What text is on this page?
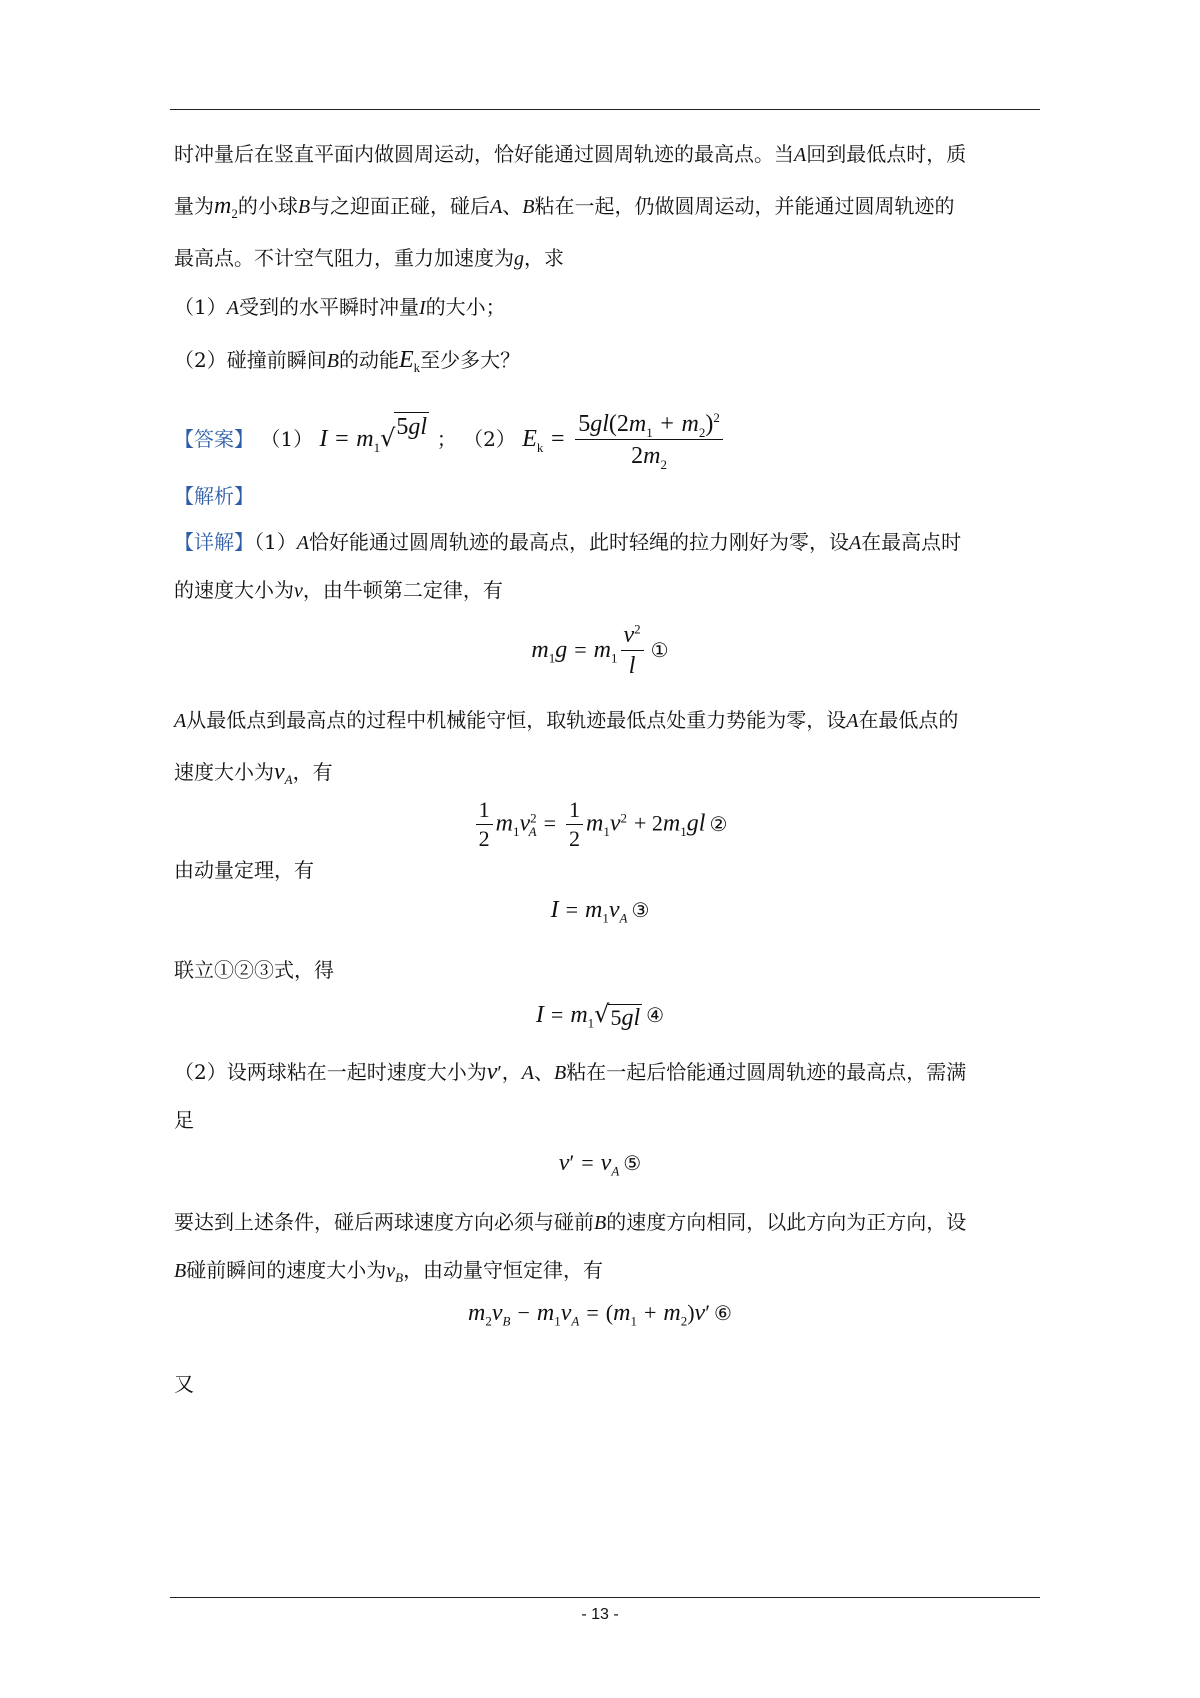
时冲量后在竖直平面内做圆周运动，恰好能通过圆周轨迹的最高点。当A回到最低点时，质
量为$m_2$的小球B与之迎面正碰，碰后A、B粘在一起，仍做圆周运动，并能通过圆周轨迹的
最高点。不计空气阻力，重力加速度为g，求
（1）A受到的水平瞬时冲量I的大小；
（2）碰撞前瞬间B的动能$E_k$至少多大？
【答案】 （1） $I = m_1$ √ 5gl ； （2） $E_k = \frac{5gl(2m_1 + m_2)^2}{2m_2}$
【解析】
【详解】（1）A恰好能通过圆周轨迹的最高点，此时轻绳的拉力刚好为零，设A在最高点时
的速度大小为v，由牛顿第二定律，有
$m_1g = m_1 \frac{v^2}{l}$ ①
A从最低点到最高点的过程中机械能守恒，取轨迹最低点处重力势能为零，设A在最低点的
速度大小为$v_A$，有
$\frac{1}{2} m_1v^2_A = \frac{1}{2} m_1v^2 + 2m_1gl$ ②
由动量定理，有
$I = m_1v_A$ ③
联立①②③式，得
$I = m_1$ √ 5gl ④
（2）设两球粘在一起时速度大小为v′，A、B粘在一起后恰能通过圆周轨迹的最高点，需满
足
$v' = v_A$ ⑤
要达到上述条件，碰后两球速度方向必须与碰前B的速度方向相同，以此方向为正方向，设
B碰前瞬间的速度大小为$v_B$，由动量守恒定律，有
$m_2v_B - m_1v_A = (m_1 + m_2)v'$ ⑥
又
- 13 -
